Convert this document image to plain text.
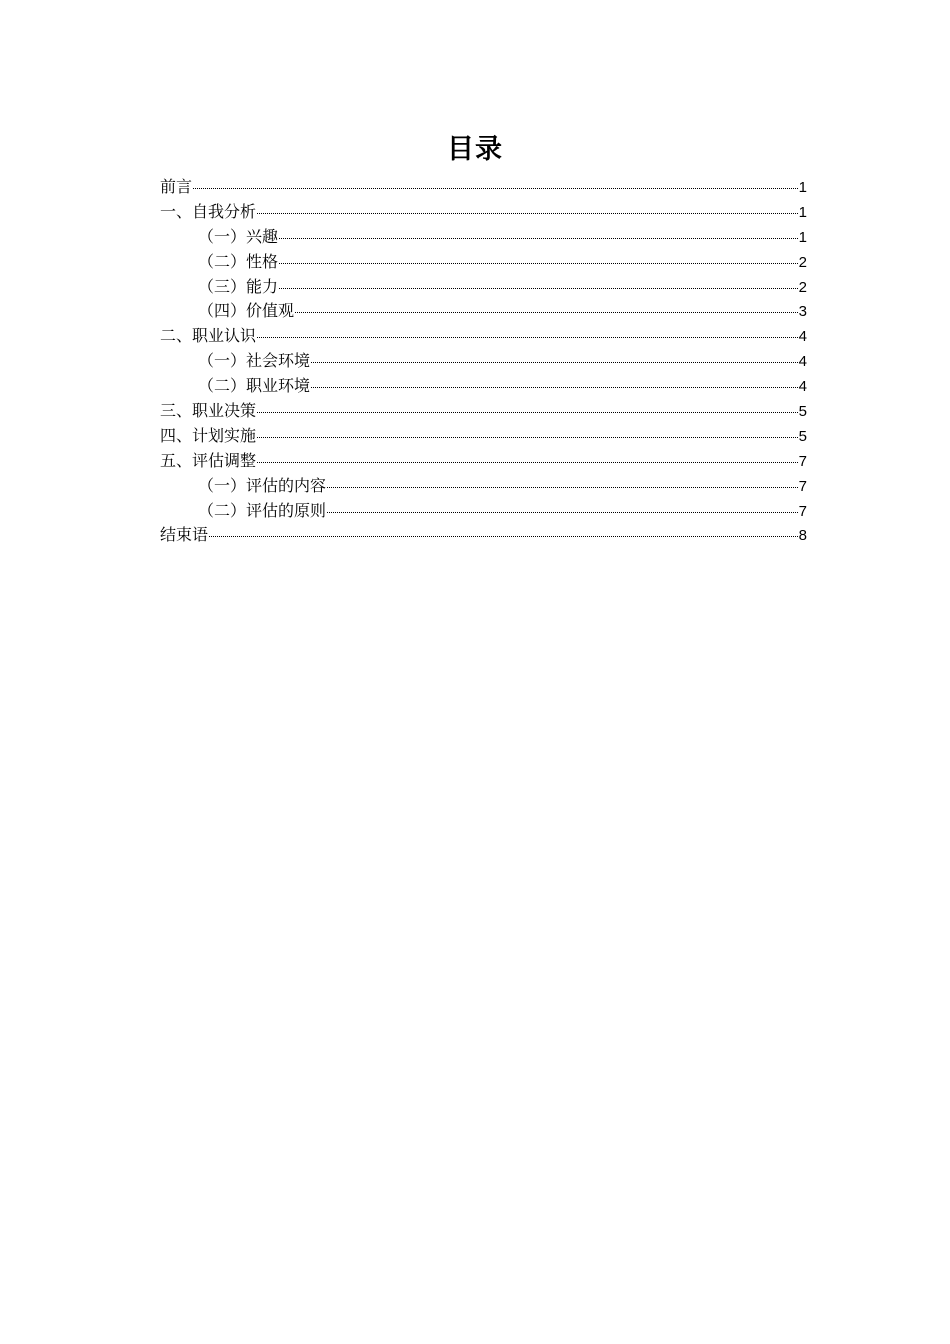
目录
前言	1
一、自我分析	1
（一）兴趣	1
（二）性格	2
（三）能力	2
（四）价值观	3
二、职业认识	4
（一）社会环境	4
（二）职业环境	4
三、职业决策	5
四、计划实施	5
五、评估调整	7
（一）评估的内容	7
（二）评估的原则	7
结束语	8
